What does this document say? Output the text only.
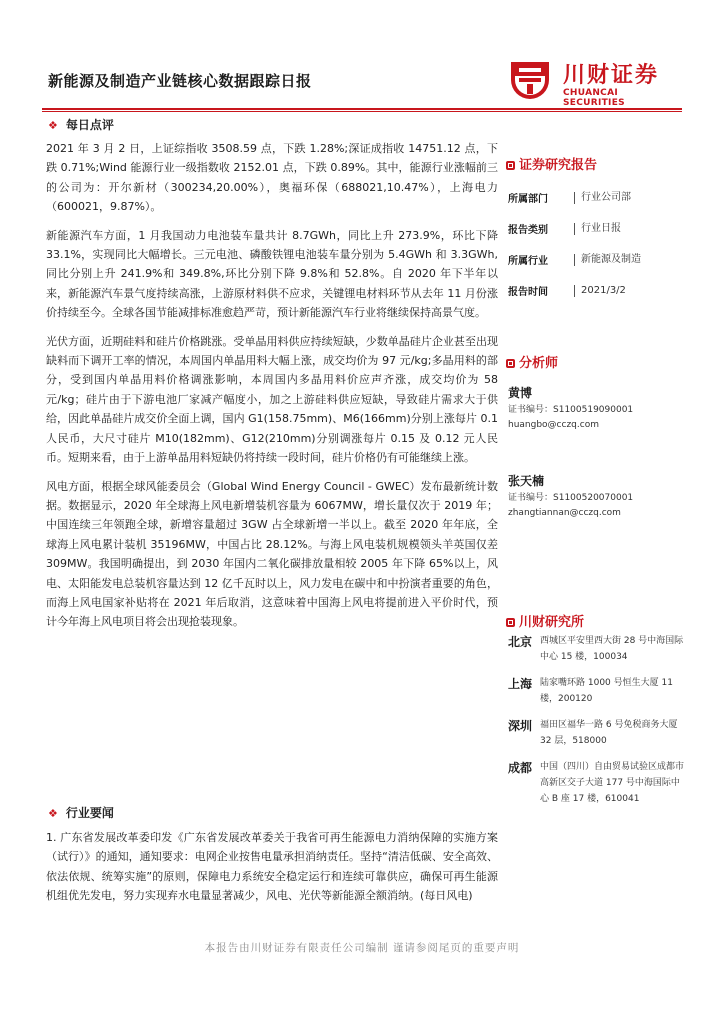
新能源及制造产业链核心数据跟踪日报	川财证券
CHUANCAI SECURITIES
❖ 每日点评

2021 年 3 月 2 日，上证综指收 3508.59 点，下跌 1.28%;深证成指收 14751.12 点，下跌 0.71%;Wind 能源行业一级指数收 2152.01 点，下跌 0.89%。其中，能源行业涨幅前三的公司为：开尔新材（300234,20.00%），奥福环保（688021,10.47%），上海电力（600021，9.87%）。

新能源汽车方面，1 月我国动力电池装车量共计 8.7GWh，同比上升 273.9%，环比下降 33.1%，实现同比大幅增长。三元电池、磷酸铁锂电池装车量分别为 5.4GWh 和 3.3GWh,同比分别上升 241.9%和 349.8%,环比分别下降 9.8%和 52.8%。自 2020 年下半年以来，新能源汽车景气度持续高涨，上游原材料供不应求，关键锂电材料环节从去年 11 月份涨价持续至今。全球各国节能减排标准愈趋严苛，预计新能源汽车行业将继续保持高景气度。

光伏方面，近期硅料和硅片价格跳涨。受单晶用料供应持续短缺，少数单晶硅片企业甚至出现缺料而下调开工率的情况，本周国内单晶用料大幅上涨，成交均价为 97 元/kg;多晶用料的部分，受到国内单晶用料价格调涨影响，本周国内多晶用料价应声齐涨，成交均价为 58 元/kg；硅片由于下游电池厂家减产幅度小，加之上游硅料供应短缺，导致硅片需求大于供给，因此单晶硅片成交价全面上调，国内 G1(158.75mm)、M6(166mm)分别上涨每片 0.1 人民币，大尺寸硅片 M10(182mm)、G12(210mm)分别调涨每片 0.15 及 0.12 元人民币。短期来看，由于上游单晶用料短缺仍将持续一段时间，硅片价格仍有可能继续上涨。

风电方面，根据全球风能委员会（Global Wind Energy Council - GWEC）发布最新统计数据。数据显示，2020 年全球海上风电新增装机容量为 6067MW，增长量仅次于 2019 年；中国连续三年领跑全球，新增容量超过 3GW 占全球新增一半以上。截至 2020 年年底，全球海上风电累计装机 35196MW，中国占比 28.12%。与海上风电装机规模领头羊英国仅差 309MW。我国明确提出，到 2030 年国内二氧化碳排放量相较 2005 年下降 65%以上，风电、太阳能发电总装机容量达到 12 亿千瓦时以上，风力发电在碳中和中扮演者重要的角色，而海上风电国家补贴将在 2021 年后取消，这意味着中国海上风电将提前进入平价时代，预计今年海上风电项目将会出现抢装现象。

❖ 行业要闻

1. 广东省发展改革委印发《广东省发展改革委关于我省可再生能源电力消纳保障的实施方案（试行）》的通知，通知要求：电网企业按售电量承担消纳责任。坚持“清洁低碳、安全高效、依法依规、统筹实施”的原则，保障电力系统安全稳定运行和连续可靠供应，确保可再生能源机组优先发电，努力实现弃水电量显著减少，风电、光伏等新能源全额消纳。(每日风电)

证券研究报告
所属部门	行业公司部
报告类别	行业日报
所属行业	新能源及制造
报告时间	2021/3/2
分析师
黄博
证书编号：S1100519090001
huangbo@cczq.com
张天楠
证书编号：S1100520070001
zhangtiannan@cczq.com
川财研究所
北京 西城区平安里西大街 28 号中海国际中心 15 楼，100034
上海 陆家嘴环路 1000 号恒生大厦 11 楼，200120
深圳 福田区福华一路 6 号免税商务大厦 32 层，518000
成都 中国（四川）自由贸易试验区成都市高新区交子大道 177 号中海国际中心 B 座 17 楼，610041
本报告由川财证券有限责任公司编制 谨请参阅尾页的重要声明
